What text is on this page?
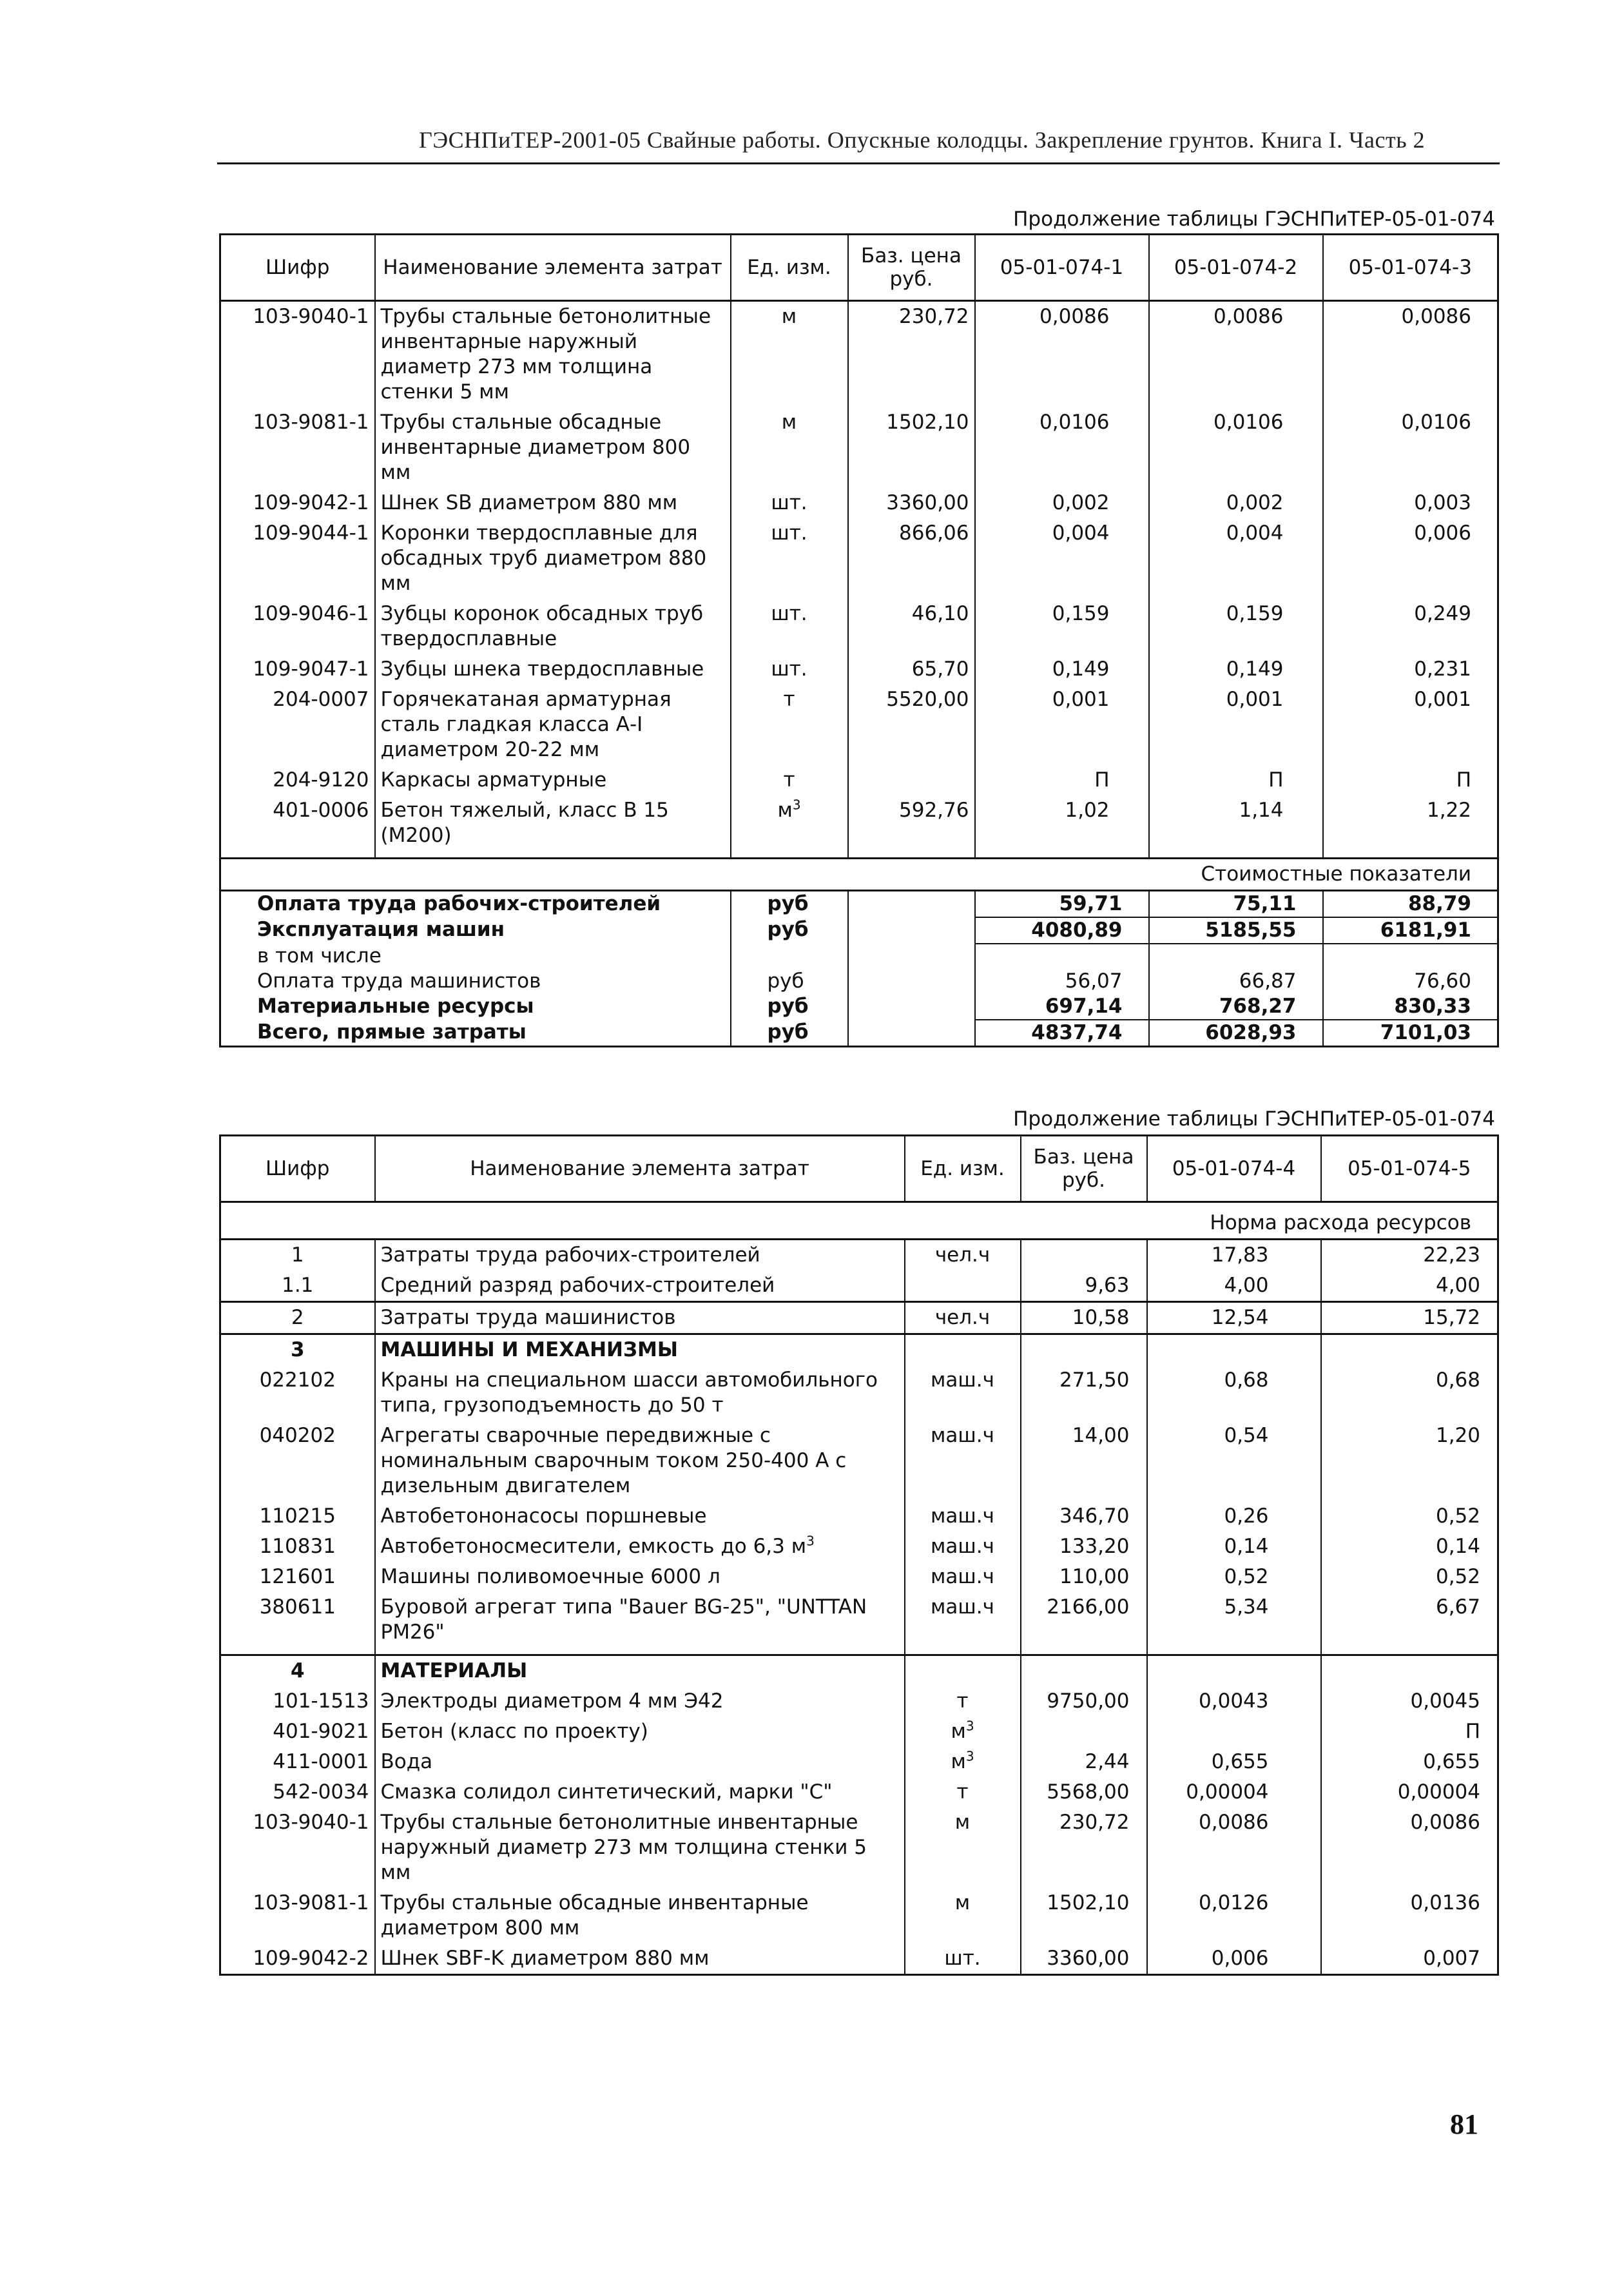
ГЭСНПиТЕР-2001-05 Свайные работы. Опускные колодцы. Закрепление грунтов. Книга I. Часть 2
Продолжение таблицы ГЭСНПиТЕР-05-01-074
Шифр	Наименование элемента затрат	Ед. изм.	Баз. цена руб.	05-01-074-1	05-01-074-2	05-01-074-3
103-9040-1	Трубы стальные бетонолитные инвентарные наружный диаметр 273 мм толщина стенки 5 мм	м	230,72	0,0086	0,0086	0,0086
103-9081-1	Трубы стальные обсадные инвентарные диаметром 800 мм	м	1502,10	0,0106	0,0106	0,0106
109-9042-1	Шнек SB диаметром 880 мм	шт.	3360,00	0,002	0,002	0,003
109-9044-1	Коронки твердосплавные для обсадных труб диаметром 880 мм	шт.	866,06	0,004	0,004	0,006
109-9046-1	Зубцы коронок обсадных труб твердосплавные	шт.	46,10	0,159	0,159	0,249
109-9047-1	Зубцы шнека твердосплавные	шт.	65,70	0,149	0,149	0,231
204-0007	Горячекатаная арматурная сталь гладкая класса А-I диаметром 20-22 мм	т	5520,00	0,001	0,001	0,001
204-9120	Каркасы арматурные	т		П	П	П
401-0006	Бетон тяжелый, класс В 15 (М200)	$м^3$	592,76	1,02	1,14	1,22
Стоимостные показатели						
Оплата труда рабочих-строителей		руб		59,71	75,11	88,79
Эксплуатация машин		руб		4080,89	5185,55	6181,91
в том числе						
Оплата труда машинистов		руб		56,07	66,87	76,60
Материальные ресурсы		руб		697,14	768,27	830,33
Всего, прямые затраты		руб		4837,74	6028,93	7101,03
Продолжение таблицы ГЭСНПиТЕР-05-01-074
Шифр	Наименование элемента затрат	Ед. изм.	Баз. цена руб.	05-01-074-4	05-01-074-5
Норма расхода ресурсов					
1	Затраты труда рабочих-строителей	чел.ч		17,83	22,23
1.1	Средний разряд рабочих-строителей		9,63	4,00	4,00
2	Затраты труда машинистов	чел.ч	10,58	12,54	15,72
3	МАШИНЫ И МЕХАНИЗМЫ				
022102	Краны на специальном шасси автомобильного типа, грузоподъемность до 50 т	маш.ч	271,50	0,68	0,68
040202	Агрегаты сварочные передвижные с номинальным сварочным током 250-400 А с дизельным двигателем	маш.ч	14,00	0,54	1,20
110215	Автобетононасосы поршневые	маш.ч	346,70	0,26	0,52
110831	Автобетоносмесители, емкость до 6,3 $м^3$	маш.ч	133,20	0,14	0,14
121601	Машины поливомоечные 6000 л	маш.ч	110,00	0,52	0,52
380611	Буровой агрегат типа "Bauer BG-25", "UNTTAN PM26"	маш.ч	2166,00	5,34	6,67
4	МАТЕРИАЛЫ				
101-1513	Электроды диаметром 4 мм Э42	т	9750,00	0,0043	0,0045
401-9021	Бетон (класс по проекту)	$м^3$			П
411-0001	Вода	$м^3$	2,44	0,655	0,655
542-0034	Смазка солидол синтетический, марки "С"	т	5568,00	0,00004	0,00004
103-9040-1	Трубы стальные бетонолитные инвентарные наружный диаметр 273 мм толщина стенки 5 мм	м	230,72	0,0086	0,0086
103-9081-1	Трубы стальные обсадные инвентарные диаметром 800 мм	м	1502,10	0,0126	0,0136
109-9042-2	Шнек SBF-K диаметром 880 мм	шт.	3360,00	0,006	0,007
81
